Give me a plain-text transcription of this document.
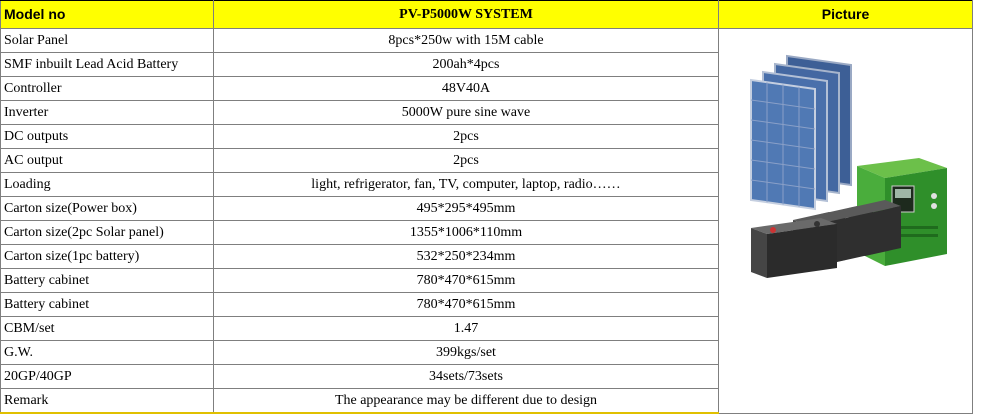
Model no	PV-P5000W SYSTEM	Picture
Solar Panel	8pcs*250w with 15M cable	

SMF inbuilt Lead Acid Battery	200ah*4pcs	
Controller	48V40A	
Inverter	5000W pure sine wave	
DC outputs	2pcs	
AC output	2pcs	
Loading	light, refrigerator, fan, TV, computer, laptop, radio……	
Carton size(Power box)	495*295*495mm	
Carton size(2pc Solar panel)	1355*1006*110mm	
Carton size(1pc battery)	532*250*234mm	
Battery cabinet	780*470*615mm	
Battery cabinet	780*470*615mm	
CBM/set	1.47	
G.W.	399kgs/set	
20GP/40GP	34sets/73sets	
Remark	The appearance may be different due to design	
